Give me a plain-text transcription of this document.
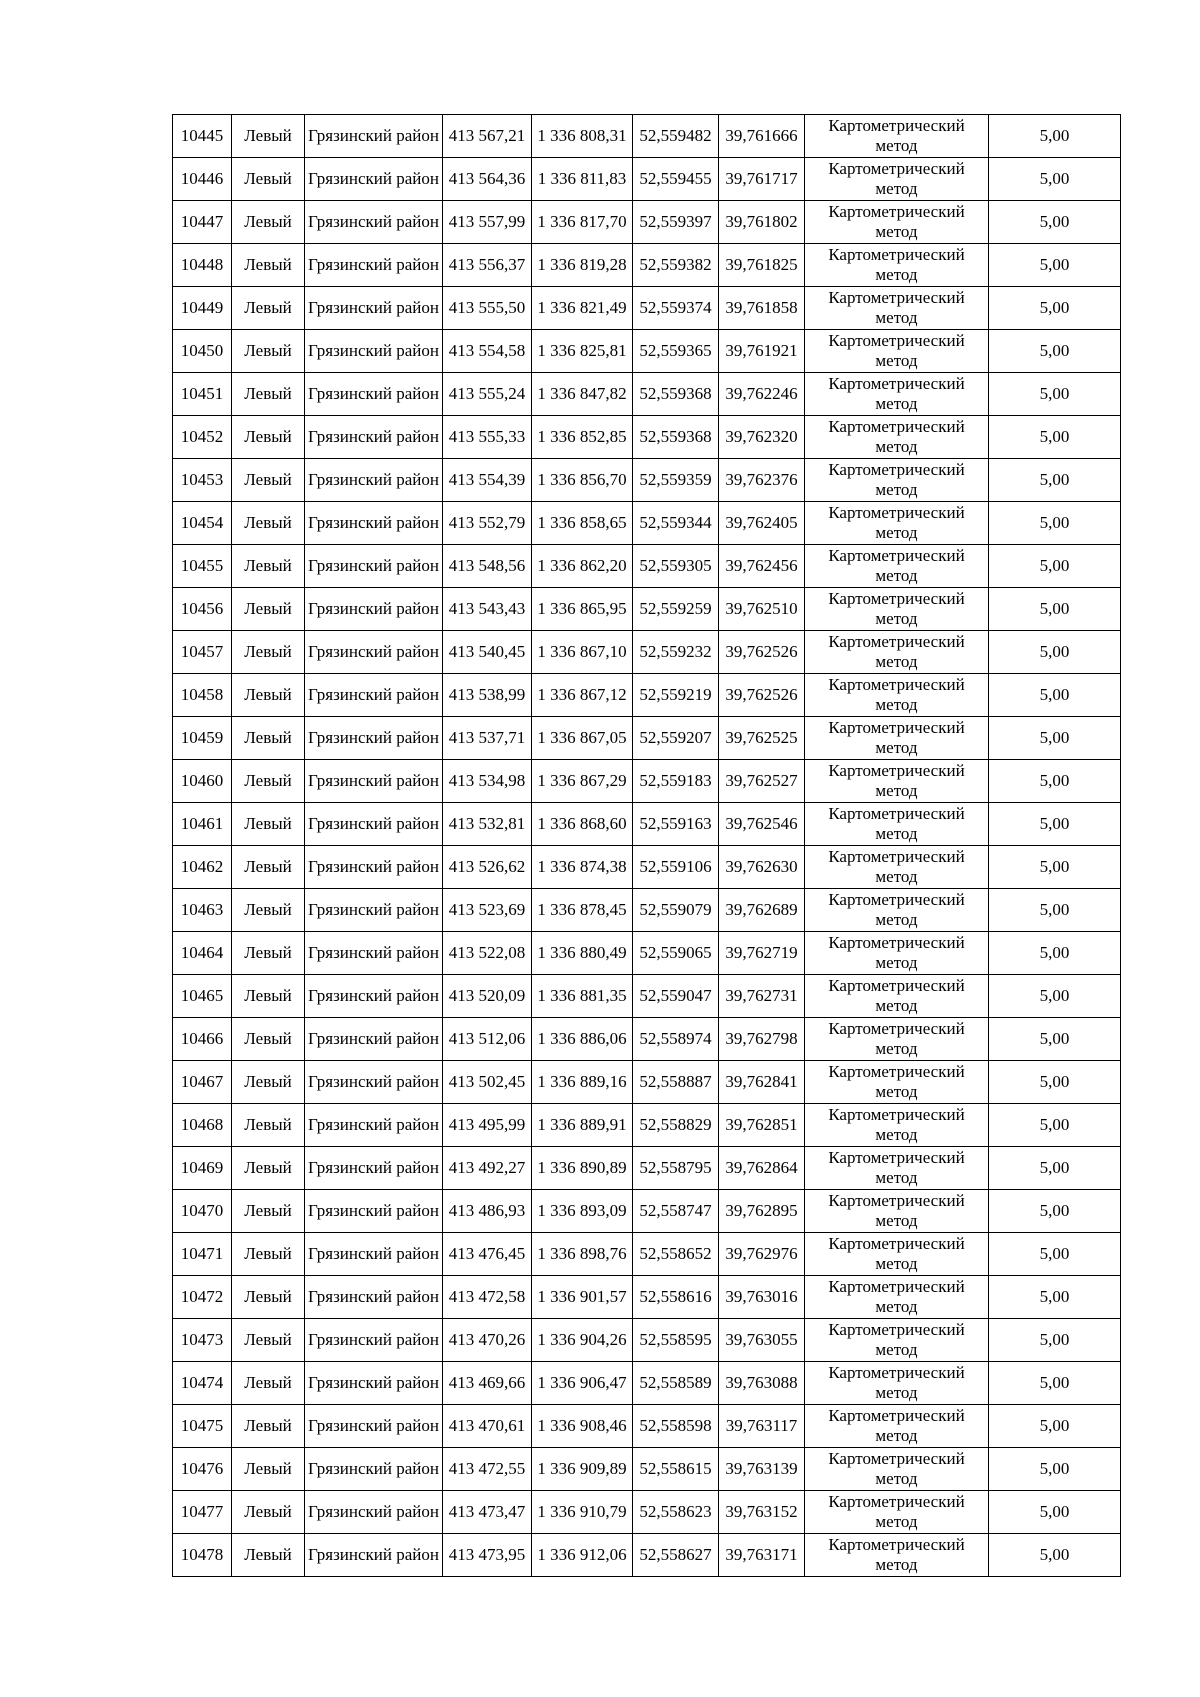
10445	Левый	Грязинский район	413 567,21	1 336 808,31	52,559482	39,761666	Картометрический метод	5,00
10446	Левый	Грязинский район	413 564,36	1 336 811,83	52,559455	39,761717	Картометрический метод	5,00
10447	Левый	Грязинский район	413 557,99	1 336 817,70	52,559397	39,761802	Картометрический метод	5,00
10448	Левый	Грязинский район	413 556,37	1 336 819,28	52,559382	39,761825	Картометрический метод	5,00
10449	Левый	Грязинский район	413 555,50	1 336 821,49	52,559374	39,761858	Картометрический метод	5,00
10450	Левый	Грязинский район	413 554,58	1 336 825,81	52,559365	39,761921	Картометрический метод	5,00
10451	Левый	Грязинский район	413 555,24	1 336 847,82	52,559368	39,762246	Картометрический метод	5,00
10452	Левый	Грязинский район	413 555,33	1 336 852,85	52,559368	39,762320	Картометрический метод	5,00
10453	Левый	Грязинский район	413 554,39	1 336 856,70	52,559359	39,762376	Картометрический метод	5,00
10454	Левый	Грязинский район	413 552,79	1 336 858,65	52,559344	39,762405	Картометрический метод	5,00
10455	Левый	Грязинский район	413 548,56	1 336 862,20	52,559305	39,762456	Картометрический метод	5,00
10456	Левый	Грязинский район	413 543,43	1 336 865,95	52,559259	39,762510	Картометрический метод	5,00
10457	Левый	Грязинский район	413 540,45	1 336 867,10	52,559232	39,762526	Картометрический метод	5,00
10458	Левый	Грязинский район	413 538,99	1 336 867,12	52,559219	39,762526	Картометрический метод	5,00
10459	Левый	Грязинский район	413 537,71	1 336 867,05	52,559207	39,762525	Картометрический метод	5,00
10460	Левый	Грязинский район	413 534,98	1 336 867,29	52,559183	39,762527	Картометрический метод	5,00
10461	Левый	Грязинский район	413 532,81	1 336 868,60	52,559163	39,762546	Картометрический метод	5,00
10462	Левый	Грязинский район	413 526,62	1 336 874,38	52,559106	39,762630	Картометрический метод	5,00
10463	Левый	Грязинский район	413 523,69	1 336 878,45	52,559079	39,762689	Картометрический метод	5,00
10464	Левый	Грязинский район	413 522,08	1 336 880,49	52,559065	39,762719	Картометрический метод	5,00
10465	Левый	Грязинский район	413 520,09	1 336 881,35	52,559047	39,762731	Картометрический метод	5,00
10466	Левый	Грязинский район	413 512,06	1 336 886,06	52,558974	39,762798	Картометрический метод	5,00
10467	Левый	Грязинский район	413 502,45	1 336 889,16	52,558887	39,762841	Картометрический метод	5,00
10468	Левый	Грязинский район	413 495,99	1 336 889,91	52,558829	39,762851	Картометрический метод	5,00
10469	Левый	Грязинский район	413 492,27	1 336 890,89	52,558795	39,762864	Картометрический метод	5,00
10470	Левый	Грязинский район	413 486,93	1 336 893,09	52,558747	39,762895	Картометрический метод	5,00
10471	Левый	Грязинский район	413 476,45	1 336 898,76	52,558652	39,762976	Картометрический метод	5,00
10472	Левый	Грязинский район	413 472,58	1 336 901,57	52,558616	39,763016	Картометрический метод	5,00
10473	Левый	Грязинский район	413 470,26	1 336 904,26	52,558595	39,763055	Картометрический метод	5,00
10474	Левый	Грязинский район	413 469,66	1 336 906,47	52,558589	39,763088	Картометрический метод	5,00
10475	Левый	Грязинский район	413 470,61	1 336 908,46	52,558598	39,763117	Картометрический метод	5,00
10476	Левый	Грязинский район	413 472,55	1 336 909,89	52,558615	39,763139	Картометрический метод	5,00
10477	Левый	Грязинский район	413 473,47	1 336 910,79	52,558623	39,763152	Картометрический метод	5,00
10478	Левый	Грязинский район	413 473,95	1 336 912,06	52,558627	39,763171	Картометрический метод	5,00
